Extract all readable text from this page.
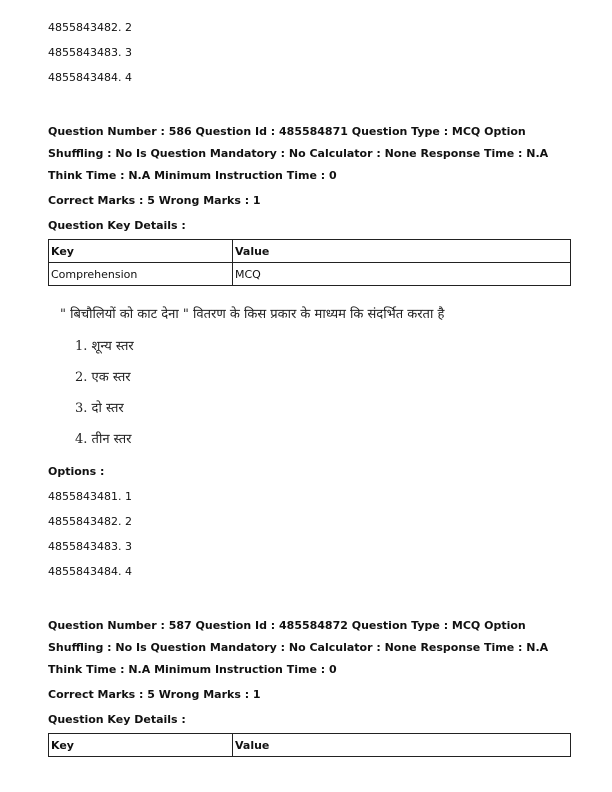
4855843482. 2
4855843483. 3
4855843484. 4
Question Number : 586 Question Id : 485584871 Question Type : MCQ Option Shuffling : No Is Question Mandatory : No Calculator : None Response Time : N.A Think Time : N.A Minimum Instruction Time : 0
Correct Marks : 5 Wrong Marks : 1
Question Key Details :
Key	Value
Comprehension	MCQ
" बिचौलियों को काट देना " वितरण के किस प्रकार के माध्यम कि संदर्भित करता है
1. शून्य स्तर
2. एक स्तर
3. दो स्तर
4. तीन स्तर
Options :
4855843481. 1
4855843482. 2
4855843483. 3
4855843484. 4
Question Number : 587 Question Id : 485584872 Question Type : MCQ Option Shuffling : No Is Question Mandatory : No Calculator : None Response Time : N.A Think Time : N.A Minimum Instruction Time : 0
Correct Marks : 5 Wrong Marks : 1
Question Key Details :
Key	Value
